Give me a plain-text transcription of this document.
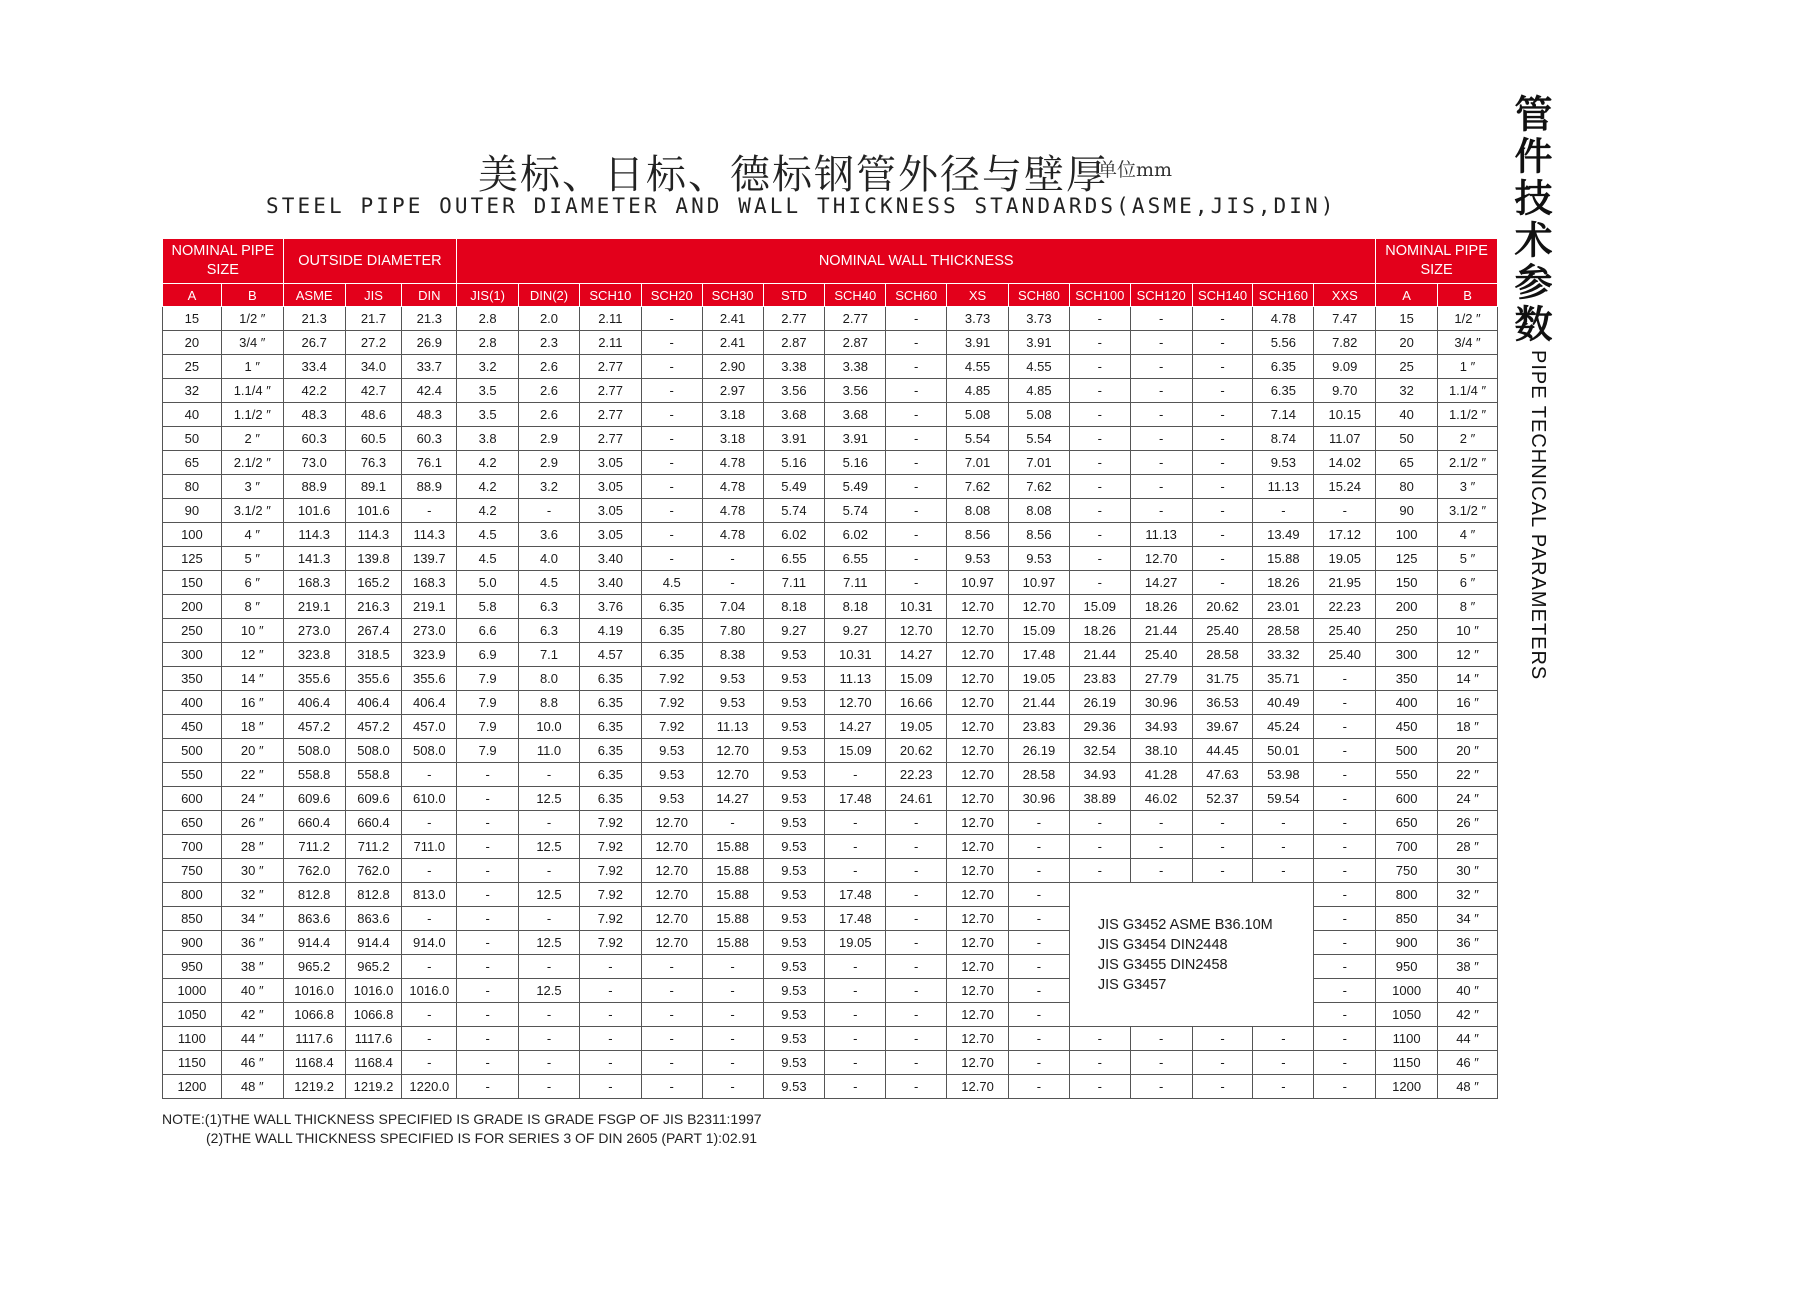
美标、日标、德标钢管外径与壁厚
单位mm
STEEL PIPE OUTER DIAMETER AND WALL THICKNESS STANDARDS(ASME,JIS,DIN)	管件技术参数
PIPE TECHNICAL PARAMETERS
NOMINAL PIPE SIZE		OUTSIDE DIAMETER			NOMINAL WALL THICKNESS															NOMINAL PIPE SIZE	
A	B	ASME	JIS	DIN	JIS(1)	DIN(2)	SCH10	SCH20	SCH30	STD	SCH40	SCH60	XS	SCH80	SCH100	SCH120	SCH140	SCH160	XXS	A	B
15	1/2 ″	21.3	21.7	21.3	2.8	2.0	2.11	-	2.41	2.77	2.77	-	3.73	3.73	-	-	-	4.78	7.47	15	1/2 ″
20	3/4 ″	26.7	27.2	26.9	2.8	2.3	2.11	-	2.41	2.87	2.87	-	3.91	3.91	-	-	-	5.56	7.82	20	3/4 ″
25	1 ″	33.4	34.0	33.7	3.2	2.6	2.77	-	2.90	3.38	3.38	-	4.55	4.55	-	-	-	6.35	9.09	25	1 ″
32	1.1/4 ″	42.2	42.7	42.4	3.5	2.6	2.77	-	2.97	3.56	3.56	-	4.85	4.85	-	-	-	6.35	9.70	32	1.1/4 ″
40	1.1/2 ″	48.3	48.6	48.3	3.5	2.6	2.77	-	3.18	3.68	3.68	-	5.08	5.08	-	-	-	7.14	10.15	40	1.1/2 ″
50	2 ″	60.3	60.5	60.3	3.8	2.9	2.77	-	3.18	3.91	3.91	-	5.54	5.54	-	-	-	8.74	11.07	50	2 ″
65	2.1/2 ″	73.0	76.3	76.1	4.2	2.9	3.05	-	4.78	5.16	5.16	-	7.01	7.01	-	-	-	9.53	14.02	65	2.1/2 ″
80	3 ″	88.9	89.1	88.9	4.2	3.2	3.05	-	4.78	5.49	5.49	-	7.62	7.62	-	-	-	11.13	15.24	80	3 ″
90	3.1/2 ″	101.6	101.6	-	4.2	-	3.05	-	4.78	5.74	5.74	-	8.08	8.08	-	-	-	-	-	90	3.1/2 ″
100	4 ″	114.3	114.3	114.3	4.5	3.6	3.05	-	4.78	6.02	6.02	-	8.56	8.56	-	11.13	-	13.49	17.12	100	4 ″
125	5 ″	141.3	139.8	139.7	4.5	4.0	3.40	-	-	6.55	6.55	-	9.53	9.53	-	12.70	-	15.88	19.05	125	5 ″
150	6 ″	168.3	165.2	168.3	5.0	4.5	3.40	4.5	-	7.11	7.11	-	10.97	10.97	-	14.27	-	18.26	21.95	150	6 ″
200	8 ″	219.1	216.3	219.1	5.8	6.3	3.76	6.35	7.04	8.18	8.18	10.31	12.70	12.70	15.09	18.26	20.62	23.01	22.23	200	8 ″
250	10 ″	273.0	267.4	273.0	6.6	6.3	4.19	6.35	7.80	9.27	9.27	12.70	12.70	15.09	18.26	21.44	25.40	28.58	25.40	250	10 ″
300	12 ″	323.8	318.5	323.9	6.9	7.1	4.57	6.35	8.38	9.53	10.31	14.27	12.70	17.48	21.44	25.40	28.58	33.32	25.40	300	12 ″
350	14 ″	355.6	355.6	355.6	7.9	8.0	6.35	7.92	9.53	9.53	11.13	15.09	12.70	19.05	23.83	27.79	31.75	35.71	-	350	14 ″
400	16 ″	406.4	406.4	406.4	7.9	8.8	6.35	7.92	9.53	9.53	12.70	16.66	12.70	21.44	26.19	30.96	36.53	40.49	-	400	16 ″
450	18 ″	457.2	457.2	457.0	7.9	10.0	6.35	7.92	11.13	9.53	14.27	19.05	12.70	23.83	29.36	34.93	39.67	45.24	-	450	18 ″
500	20 ″	508.0	508.0	508.0	7.9	11.0	6.35	9.53	12.70	9.53	15.09	20.62	12.70	26.19	32.54	38.10	44.45	50.01	-	500	20 ″
550	22 ″	558.8	558.8	-	-	-	6.35	9.53	12.70	9.53	-	22.23	12.70	28.58	34.93	41.28	47.63	53.98	-	550	22 ″
600	24 ″	609.6	609.6	610.0	-	12.5	6.35	9.53	14.27	9.53	17.48	24.61	12.70	30.96	38.89	46.02	52.37	59.54	-	600	24 ″
650	26 ″	660.4	660.4	-	-	-	7.92	12.70	-	9.53	-	-	12.70	-	-	-	-	-	-	650	26 ″
700	28 ″	711.2	711.2	711.0	-	12.5	7.92	12.70	15.88	9.53	-	-	12.70	-	-	-	-	-	-	700	28 ″
750	30 ″	762.0	762.0	-	-	-	7.92	12.70	15.88	9.53	-	-	12.70	-	-	-	-	-	-	750	30 ″
800	32 ″	812.8	812.8	813.0	-	12.5	7.92	12.70	15.88	9.53	17.48	-	12.70	-	JIS G3452 ASME B36.10M
JIS G3454 DIN2448
JIS G3455 DIN2458
JIS G3457				-	800	32 ″
850	34 ″	863.6	863.6	-	-	-	7.92	12.70	15.88	9.53	17.48	-	12.70	-					-	850	34 ″
900	36 ″	914.4	914.4	914.0	-	12.5	7.92	12.70	15.88	9.53	19.05	-	12.70	-					-	900	36 ″
950	38 ″	965.2	965.2	-	-	-	-	-	-	9.53	-	-	12.70	-					-	950	38 ″
1000	40 ″	1016.0	1016.0	1016.0	-	12.5	-	-	-	9.53	-	-	12.70	-					-	1000	40 ″
1050	42 ″	1066.8	1066.8	-	-	-	-	-	-	9.53	-	-	12.70	-					-	1050	42 ″
1100	44 ″	1117.6	1117.6	-	-	-	-	-	-	9.53	-	-	12.70	-	-	-	-	-	-	1100	44 ″
1150	46 ″	1168.4	1168.4	-	-	-	-	-	-	9.53	-	-	12.70	-	-	-	-	-	-	1150	46 ″
1200	48 ″	1219.2	1219.2	1220.0	-	-	-	-	-	9.53	-	-	12.70	-	-	-	-	-	-	1200	48 ″
NOTE:(1)THE WALL THICKNESS SPECIFIED IS GRADE IS GRADE FSGP OF JIS B2311:1997
(2)THE WALL THICKNESS SPECIFIED IS FOR SERIES 3 OF DIN 2605 (PART 1):02.91
